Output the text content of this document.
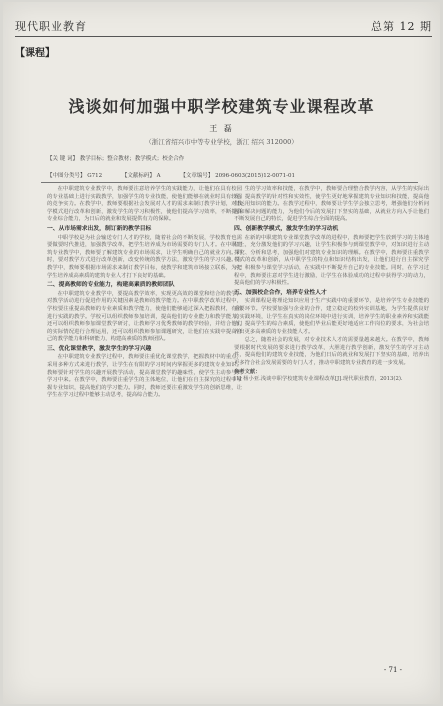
现代职业教育	总第 12 期
【课程】
浅谈如何加强中职学校建筑专业课程改革
王 磊
（浙江省绍兴市中等专业学校，浙江 绍兴 312000）
【关 键 词】 教学目标；整合教材；教学模式；校企合作
【中图分类号】 G712	【文献标码】 A	【文章编号】 2096-0603(2015)12-0071-01

在中职建筑专业教学中，教师要注意培养学生的实践能力，让他们在具有校园的专业基础上进行实践教学，加强学生的专业技能，使他们能够在就业时具有较强的竞争实力。在教学中，教师要根据社会发展对人才的需求来制订教学计划，对教学模式进行改革和创新，激发学生的学习积极性，使他们提高学习效率，不断提高专业综合能力，为日后的就业和发展提供有力的保障。

一、从市场需求出发，制订新的教学目标

中职学校是为社会输送专门人才的学校，随着社会的不断发展，学校教育也需要做要时代推进，加强教学改革，把学生培养成为市场需要的专门人才。在中职建筑专业教学中，教师要了解建筑专业的市场需求，让学生明确自己的就业方向。同时，要对教学方式进行改革创新，改变传统的教学方法，激发学生的学习兴趣。在教学中，教师要根据市场需求来制订教学目标，使教学和建筑市场接立联系，为把学生培养成高素质的建筑专业人才打下良好的基础。

二、提高教师的专业能力，构建高素质的教师团队

在中职建筑专业教学中，要提高教学效率，实现更高效的课堂和结合的教学，对教学活动进行促进作用的关键因素是教师的教学能力。在中职教学改革过程中，学校要注重提高教师的专业素质和教学能力，使他们能够通过深入把握教材，有效进行实践的教学。学校可以组织教师参加培训，提高他们的专业能力和教学能力，还可以组织教师参加课堂教学研讨，让教师学习优秀教师的教学经验，并结合他们的实际情况进行合理运用，还可以组织教师参加课题研究，让他们在实践中提高自己的教学能力和科研能力，构建高素质的教师团队。

三、优化课堂教学，激发学生的学习兴趣

在中职建筑专业教学过程中，教师要注重优化课堂教学，把握教材中的重点，采用多种方式来进行教学，让学生在有限的学习时间内掌握更多的建筑专业知识。教师要针对学生的兴趣开展教学活动，提高课堂教学的趣味性，使学生主动参与到学习中来。在教学中，教师要注重学生的主体地位，让他们在自主探究的过程中掌握专业知识，提高他们的学习能力。同时，教师还要注重激发学生的创新思维，让学生在学习过程中能够主动思考，提高综合能力。

生的学习效率和技能，在教学中，教师要合理整合教学内容，从学生的实际出发，提高教学的针对性和实效性，使学生更好地掌握建筑专业知识和技能，提高他们运用知识的能力。在教学过程中，教师要让学生学会独立思考，增强他们分析问题和解决问题的能力，为他们今后的发展打下坚实的基础，从就业方向入手让他们不断发展自己的特长，促进学生综合全面的提高。

四、创新教学模式，激发学生的学习动机

在新的中职建筑专业课堂教学改革的进程中，教师要把学生放到学习的主体地位上，充分激发他们的学习兴趣，让学生积极参与到课堂教学中，对知识进行主动探究、分析和思考，加强他们对建筑专业知识的理解。在教学中，教师要注重教学模式的改革和创新，从中职学生的特点和知识结构出发，让他们进行自主探究学习，积极参与课堂学习活动，在实践中不断提升自己的专业技能。同时，在学习过程中，教师要注意对学生进行激励，让学生在体验成功的过程中获得学习的动力，提高他们的学习积极性。

五、加强校企合作，培养专业性人才

实训课程是将理论知识应用于生产实践中的重要环节，是培养学生专业技能的重要环节。学校要加强与企业的合作，建立稳定的校外实训基地，为学生提供良好的实践环境，让学生在真实的岗位环境中进行实训，培养学生的职业素养和实践能力，提高学生的综合素质，使他们毕业后能更好地适应工作岗位的要求，为社会培养出更多高素质的专业技能人才。

总之，随着社会的发展，对专业技术人才的需要量越来越大。在教学中，教师要根据时代发展的要求进行教学改革，大胆进行教学创新，激发学生的学习主动性，提高他们的建筑专业技能，为他们日后的就业和发展打下坚实的基础，培养出更多符合社会发展需要的专门人才，推动中职建筑专业教育的进一步发展。

参考文献：
[1] 杨小亚.浅谈中职学校建筑专业课程改革[J].现代职业教育，2013(2).
- 71 -
